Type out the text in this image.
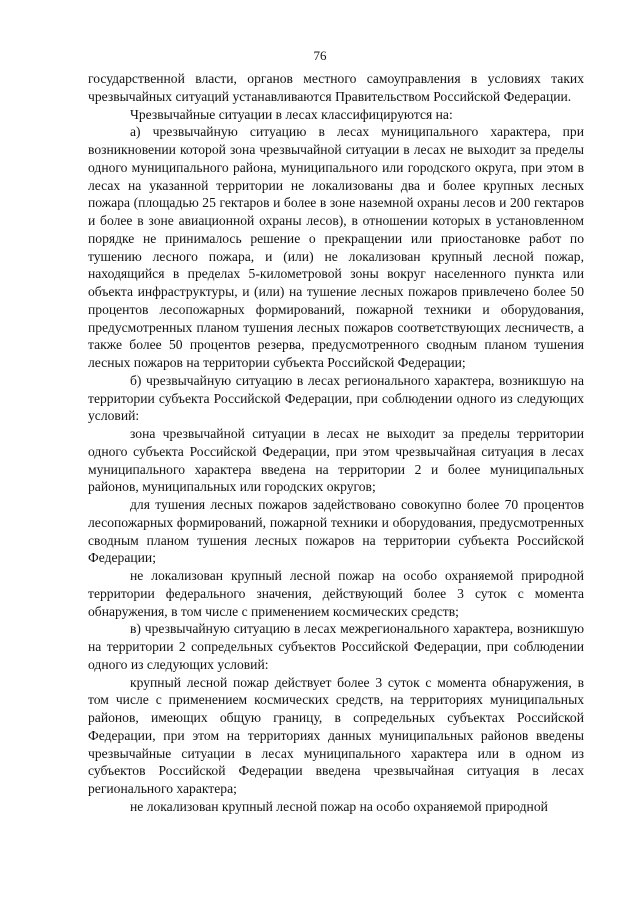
76

государственной власти, органов местного самоуправления в условиях таких чрезвычайных ситуаций устанавливаются Правительством Российской Федерации.

Чрезвычайные ситуации в лесах классифицируются на:

а) чрезвычайную ситуацию в лесах муниципального характера, при возникновении которой зона чрезвычайной ситуации в лесах не выходит за пределы одного муниципального района, муниципального или городского округа, при этом в лесах на указанной территории не локализованы два и более крупных лесных пожара (площадью 25 гектаров и более в зоне наземной охраны лесов и 200 гектаров и более в зоне авиационной охраны лесов), в отношении которых в установленном порядке не принималось решение о прекращении или приостановке работ по тушению лесного пожара, и (или) не локализован крупный лесной пожар, находящийся в пределах 5-километровой зоны вокруг населенного пункта или объекта инфраструктуры, и (или) на тушение лесных пожаров привлечено более 50 процентов лесопожарных формирований, пожарной техники и оборудования, предусмотренных планом тушения лесных пожаров соответствующих лесничеств, а также более 50 процентов резерва, предусмотренного сводным планом тушения лесных пожаров на территории субъекта Российской Федерации;

б) чрезвычайную ситуацию в лесах регионального характера, возникшую на территории субъекта Российской Федерации, при соблюдении одного из следующих условий:

зона чрезвычайной ситуации в лесах не выходит за пределы территории одного субъекта Российской Федерации, при этом чрезвычайная ситуация в лесах муниципального характера введена на территории 2 и более муниципальных районов, муниципальных или городских округов;

для тушения лесных пожаров задействовано совокупно более 70 процентов лесопожарных формирований, пожарной техники и оборудования, предусмотренных сводным планом тушения лесных пожаров на территории субъекта Российской Федерации;

не локализован крупный лесной пожар на особо охраняемой природной территории федерального значения, действующий более 3 суток с момента обнаружения, в том числе с применением космических средств;

в) чрезвычайную ситуацию в лесах межрегионального характера, возникшую на территории 2 сопредельных субъектов Российской Федерации, при соблюдении одного из следующих условий:

крупный лесной пожар действует более 3 суток с момента обнаружения, в том числе с применением космических средств, на территориях муниципальных районов, имеющих общую границу, в сопредельных субъектах Российской Федерации, при этом на территориях данных муниципальных районов введены чрезвычайные ситуации в лесах муниципального характера или в одном из субъектов Российской Федерации введена чрезвычайная ситуация в лесах регионального характера;

не локализован крупный лесной пожар на особо охраняемой природной
